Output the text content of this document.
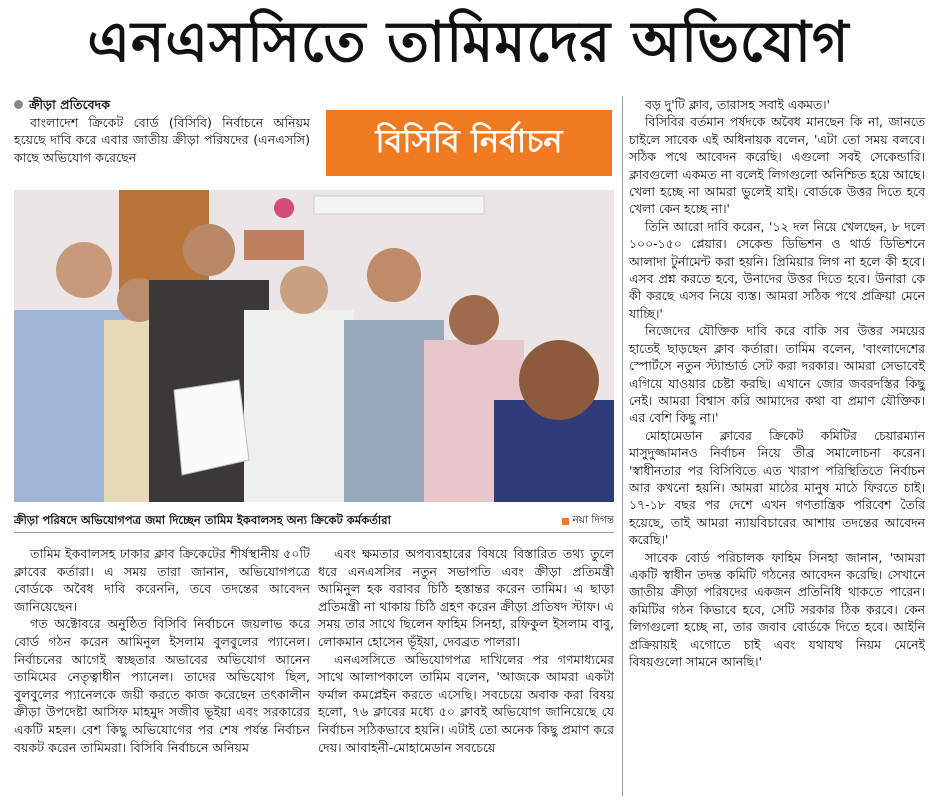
এনএসসিতে তামিমদের অভিযোগ

ক্রীড়া প্রতিবেদক

বাংলাদেশ ক্রিকেট বোর্ড (বিসিবি) নির্বাচনে অনিয়ম হয়েছে দাবি করে এবার জাতীয় ক্রীড়া পরিষদের (এনএসসি) কাছে অভিযোগ করেছেন	বিসিবি নির্বাচন
ক্রীড়া পরিষদে অভিযোগপত্র জমা দিচ্ছেন তামিম ইকবালসহ অন্য ক্রিকেট কর্মকর্তারা	নয়া দিগন্ত

তামিম ইকবালসহ ঢাকার ক্লাব ক্রিকেটের শীর্ষস্থানীয় ৫০টি ক্লাবের কর্তারা। এ সময় তারা জানান, অভিযোগপত্রে বোর্ডকে অবৈধ দাবি করেননি, তবে তদন্তের আবেদন জানিয়েছেন।

গত অক্টোবরে অনুষ্ঠিত বিসিবি নির্বাচনে জয়লাভ করে বোর্ড গঠন করেন আমিনুল ইসলাম বুলবুলের প্যানেল। নির্বাচনের আগেই স্বচ্ছতার অভাবের অভিযোগ আনেন তামিমের নেতৃত্বাধীন প্যানেল। তাদের অভিযোগ ছিল, বুলবুলের প্যানেলকে জয়ী করতে কাজ করেছেন তৎকালীন ক্রীড়া উপদেষ্টা আসিফ মাহমুদ সজীব ভূইয়া এবং সরকারের একটি মহল। বেশ কিছু অভিযোগের পর শেষ পর্যন্ত নির্বাচন বয়কট করেন তামিমরা। বিসিবি নির্বাচনে অনিয়ম

এবং ক্ষমতার অপব্যবহারের বিষয়ে বিস্তারিত তথ্য তুলে ধরে এনএসসির নতুন সভাপতি এবং ক্রীড়া প্রতিমন্ত্রী আমিনুল হক বরাবর চিঠি হস্তান্তর করেন তামিম। এ ছাড়া প্রতিমন্ত্রী না থাকায় চিঠি গ্রহণ করেন ক্রীড়া প্রতিষদ স্টাফ। এ সময় তার সাথে ছিলেন ফাহিম সিনহা, রফিকুল ইসলাম বাবু, লোকমান হোসেন ভূঁইয়া, দেবব্রত পালরা।

এনএসসিতে অভিযোগপত্র দাখিলের পর গণমাধ্যমের সাথে আলাপকালে তামিম বলেন, 'আজকে আমরা একটা ফর্মাল কমপ্লেইন করতে এসেছি। সবচেয়ে অবাক করা বিষয় হলো, ৭৬ ক্লাবের মধ্যে ৫০ ক্লাবই অভিযোগ জানিয়েছে যে নির্বাচন সঠিকভাবে হয়নি। এটাই তো অনেক কিছু প্রমাণ করে দেয়। আবাহনী-মোহামেডান সবচেয়ে

বড় দু'টি ক্লাব, তারাসহ সবাই একমত।'

বিসিবির বর্তমান পর্ষদকে অবৈধ মানছেন কি না, জানতে চাইলে সাবেক এই অধিনায়ক বলেন, 'এটা তো সময় বলবে। সঠিক পথে আবেদন করেছি। এগুলো সবই সেকেন্ডারি। ক্লাবগুলো একমত না বলেই লিগগুলো অনিশ্চিত হয়ে আছে। খেলা হচ্ছে না আমরা ভুলেই যাই। বোর্ডকে উত্তর দিতে হবে খেলা কেন হচ্ছে না।'

তিনি আরো দাবি করেন, '১২ দল নিয়ে খেলছেন, ৮ দলে ১০০-১৫০ প্লেয়ার। সেকেন্ড ডিভিশন ও থার্ড ডিভিশনে আলাদা টুর্নামেন্ট করা হয়নি। প্রিমিয়ার লিগ না হলে কী হবে। এসব প্রশ্ন করতে হবে, উনাদের উত্তর দিতে হবে। উনারা কে কী করছে এসব নিয়ে ব্যস্ত। আমরা সঠিক পথে প্রক্রিয়া মেনে যাচ্ছি।'

নিজেদের যৌক্তিক দাবি করে বাকি সব উত্তর সময়ের হাতেই ছাড়ছেন ক্লাব কর্তারা। তামিম বলেন, 'বাংলাদেশের স্পোর্টসে নতুন স্ট্যান্ডার্ড সেট করা দরকার। আমরা সেভাবেই এগিয়ে যাওয়ার চেষ্টা করছি। এখানে জোর জবরদস্তির কিছু নেই। আমরা বিশ্বাস করি আমাদের কথা বা প্রমাণ যৌক্তিক। এর বেশি কিছু না।'

মোহামেডান ক্লাবের ক্রিকেট কমিটির চেয়ারম্যান মাসুদুজ্জামানও নির্বাচন নিয়ে তীব্র সমালোচনা করেন। 'স্বাধীনতার পর বিসিবিতে এত খারাপ পরিস্থিতিতে নির্বাচন আর কখনো হয়নি। আমরা মাঠের মানুষ মাঠে ফিরতে চাই। ১৭-১৮ বছর পর দেশে এখন গণতান্ত্রিক পরিবেশ তৈরি হয়েছে, তাই আমরা ন্যায়বিচারের আশায় তদন্তের আবেদন করেছি।'

সাবেক বোর্ড পরিচালক ফাহিম সিনহা জানান, 'আমরা একটি স্বাধীন তদন্ত কমিটি গঠনের আবেদন করেছি। সেখানে জাতীয় ক্রীড়া পরিষদের একজন প্রতিনিধি থাকতে পারেন। কমিটির গঠন কিভাবে হবে, সেটি সরকার ঠিক করবে। কেন লিগগুলো হচ্ছে না, তার জবাব বোর্ডকে দিতে হবে। আইনি প্রক্রিয়ায়ই এগোতে চাই এবং যথাযথ নিয়ম মেনেই বিষয়গুলো সামনে আনছি।'
